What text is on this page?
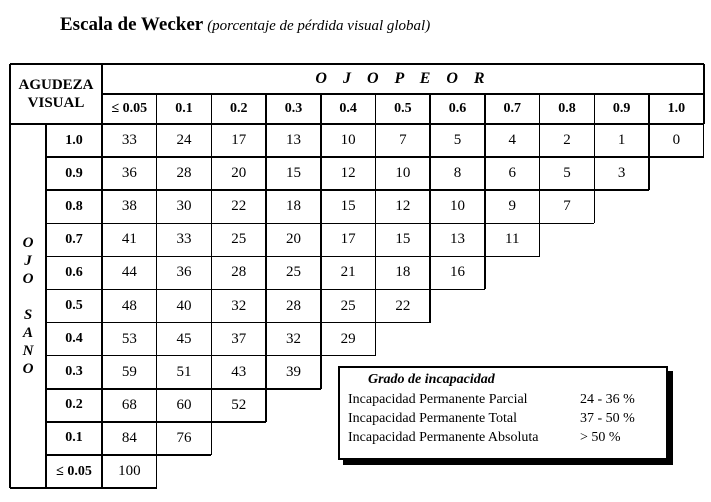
Escala de Wecker (porcentaje de pérdida visual global)
AGUDEZA
VISUAL
O J O P E O R
O
J
O
S
A
N
O
≤ 0.05	0.1	0.2	0.3	0.4	0.5	0.6	0.7	0.8	0.9	1.0
1.0	33	24	17	13	10	7	5	4	2	1	0
0.9	36	28	20	15	12	10	8	6	5	3
0.8	38	30	22	18	15	12	10	9	7
0.7	41	33	25	20	17	15	13	11
0.6	44	36	28	25	21	18	16
0.5	48	40	32	28	25	22
0.4	53	45	37	32	29
0.3	59	51	43	39
0.2	68	60	52
0.1	84	76
≤ 0.05	100
Grado de incapacidad
Incapacidad Permanente Parcial	24 - 36 %
Incapacidad Permanente Total	37 - 50 %
Incapacidad Permanente Absoluta	> 50 %
